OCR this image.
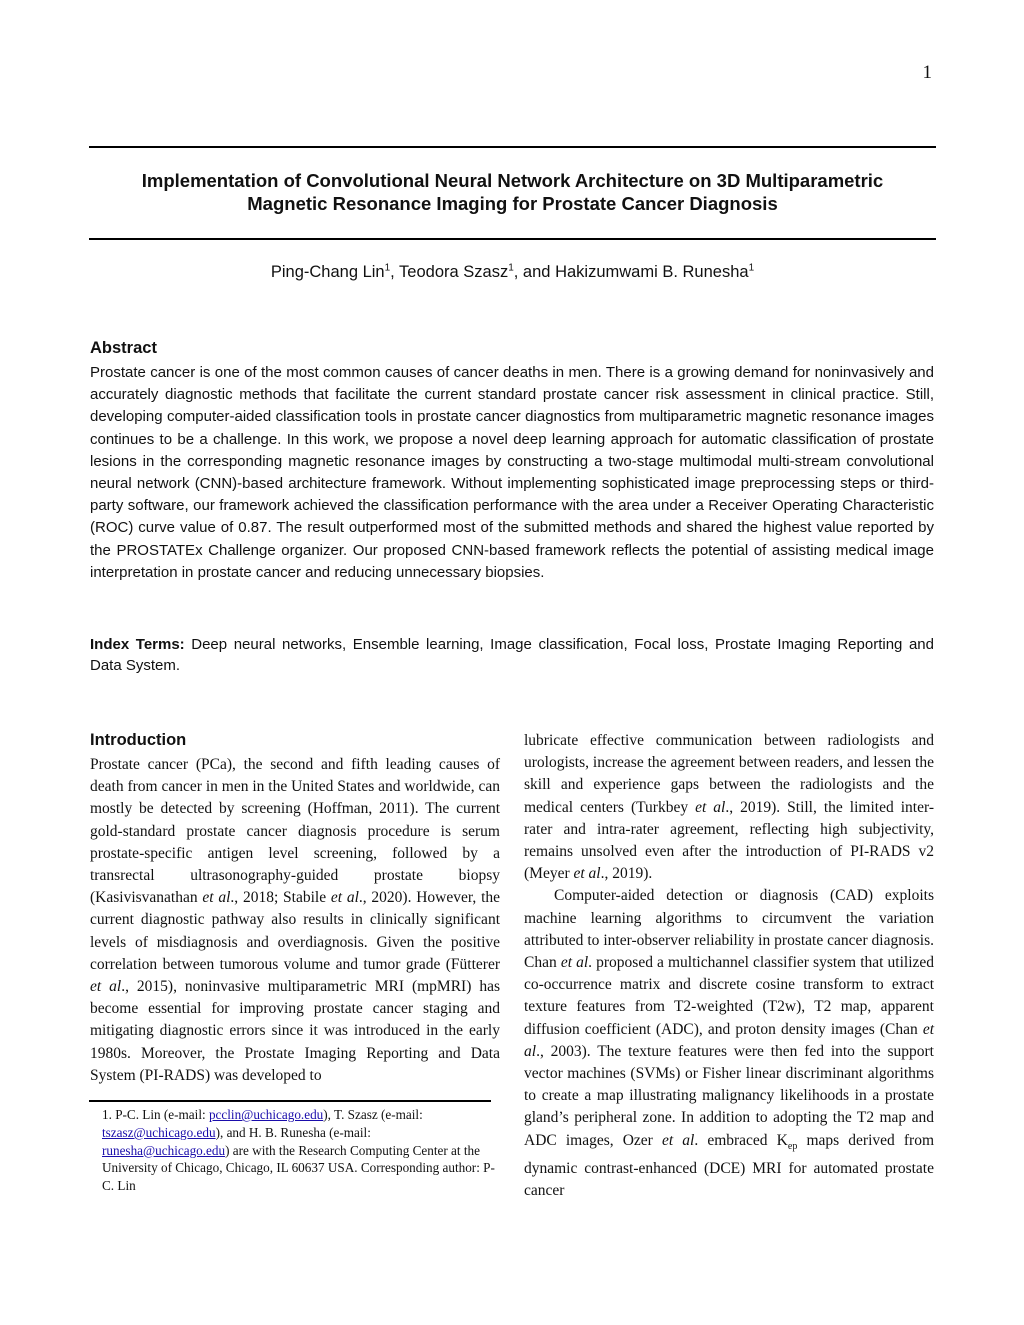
1
Implementation of Convolutional Neural Network Architecture on 3D Multiparametric
Magnetic Resonance Imaging for Prostate Cancer Diagnosis
Ping-Chang Lin$^1$, Teodora Szasz$^1$, and Hakizumwami B. Runesha$^1$
Abstract
Prostate cancer is one of the most common causes of cancer deaths in men. There is a growing demand for noninvasively and accurately diagnostic methods that facilitate the current standard prostate cancer risk assessment in clinical practice. Still, developing computer-aided classification tools in prostate cancer diagnostics from multiparametric magnetic resonance images continues to be a challenge. In this work, we propose a novel deep learning approach for automatic classification of prostate lesions in the corresponding magnetic resonance images by constructing a two-stage multimodal multi-stream convolutional neural network (CNN)-based architecture framework. Without implementing sophisticated image preprocessing steps or third-party software, our framework achieved the classification performance with the area under a Receiver Operating Characteristic (ROC) curve value of 0.87. The result outperformed most of the submitted methods and shared the highest value reported by the PROSTATEx Challenge organizer. Our proposed CNN-based framework reflects the potential of assisting medical image interpretation in prostate cancer and reducing unnecessary biopsies.
Index Terms: Deep neural networks, Ensemble learning, Image classification, Focal loss, Prostate Imaging Reporting and Data System.
Introduction

Prostate cancer (PCa), the second and fifth leading causes of death from cancer in men in the United States and worldwide, can mostly be detected by screening (Hoffman, 2011). The current gold-standard prostate cancer diagnosis procedure is serum prostate-specific antigen level screening, followed by a transrectal ultrasonography-guided prostate biopsy (Kasivisvanathan et al., 2018; Stabile et al., 2020). However, the current diagnostic pathway also results in clinically significant levels of misdiagnosis and overdiagnosis. Given the positive correlation between tumorous volume and tumor grade (Fütterer et al., 2015), noninvasive multiparametric MRI (mpMRI) has become essential for improving prostate cancer staging and mitigating diagnostic errors since it was introduced in the early 1980s. Moreover, the Prostate Imaging Reporting and Data System (PI-RADS) was developed to

lubricate effective communication between radiologists and urologists, increase the agreement between readers, and lessen the skill and experience gaps between the radiologists and the medical centers (Turkbey et al., 2019). Still, the limited inter-rater and intra-rater agreement, reflecting high subjectivity, remains unsolved even after the introduction of PI-RADS v2 (Meyer et al., 2019).

Computer-aided detection or diagnosis (CAD) exploits machine learning algorithms to circumvent the variation attributed to inter-observer reliability in prostate cancer diagnosis. Chan et al. proposed a multichannel classifier system that utilized co-occurrence matrix and discrete cosine transform to extract texture features from T2-weighted (T2w), T2 map, apparent diffusion coefficient (ADC), and proton density images (Chan et al., 2003). The texture features were then fed into the support vector machines (SVMs) or Fisher linear discriminant algorithms to create a map illustrating malignancy likelihoods in a prostate gland’s peripheral zone. In addition to adopting the T2 map and ADC images, Ozer et al. embraced $K_{ep}$ maps derived from dynamic contrast-enhanced (DCE) MRI for automated prostate cancer

1. P-C. Lin (e-mail: pcclin@uchicago.edu), T. Szasz (e-mail: tszasz@uchicago.edu), and H. B. Runesha (e-mail: runesha@uchicago.edu) are with the Research Computing Center at the University of Chicago, Chicago, IL 60637 USA. Corresponding author: P-C. Lin
